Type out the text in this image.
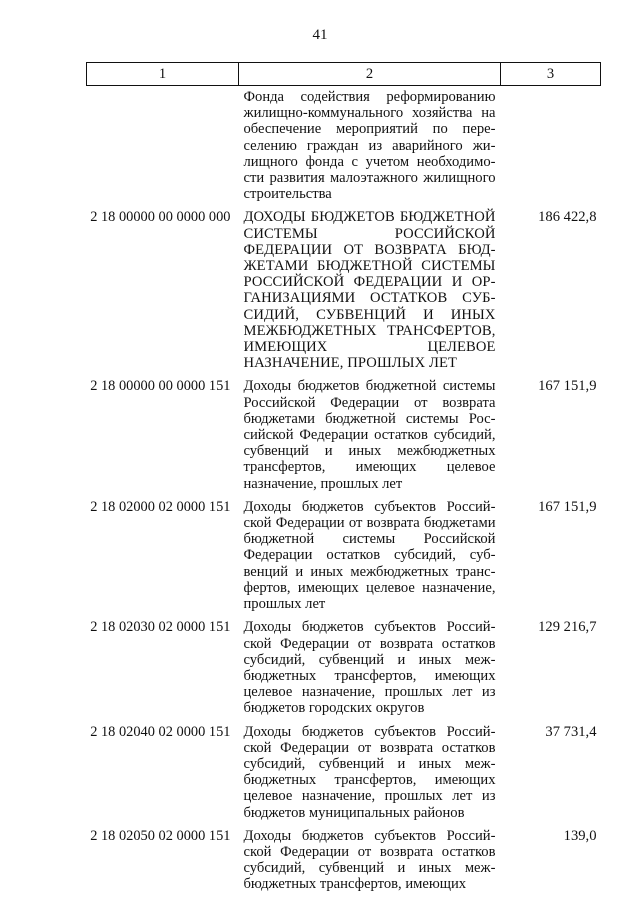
41
1	2	3
	Фонда содействия реформированию жилищно-коммунального хозяйства на обеспечение мероприятий по переселению граждан из аварийного жилищного фонда с учетом необходимости развития малоэтажного жилищного строительства	
2 18 00000 00 0000 000	ДОХОДЫ БЮДЖЕТОВ БЮДЖЕТНОЙ СИСТЕМЫ РОССИЙСКОЙ ФЕДЕРАЦИИ ОТ ВОЗВРАТА БЮДЖЕТАМИ БЮДЖЕТНОЙ СИСТЕМЫ РОССИЙСКОЙ ФЕДЕРАЦИИ И ОРГАНИЗАЦИЯМИ ОСТАТКОВ СУБСИДИЙ, СУБВЕНЦИЙ И ИНЫХ МЕЖБЮДЖЕТНЫХ ТРАНСФЕРТОВ, ИМЕЮЩИХ ЦЕЛЕВОЕ НАЗНАЧЕНИЕ, ПРОШЛЫХ ЛЕТ	186 422,8
2 18 00000 00 0000 151	Доходы бюджетов бюджетной системы Российской Федерации от возврата бюджетами бюджетной системы Российской Федерации остатков субсидий, субвенций и иных межбюджетных трансфертов, имеющих целевое назначение, прошлых лет	167 151,9
2 18 02000 02 0000 151	Доходы бюджетов субъектов Российской Федерации от возврата бюджетами бюджетной системы Российской Федерации остатков субсидий, субвенций и иных межбюджетных трансфертов, имеющих целевое назначение, прошлых лет	167 151,9
2 18 02030 02 0000 151	Доходы бюджетов субъектов Российской Федерации от возврата остатков субсидий, субвенций и иных межбюджетных трансфертов, имеющих целевое назначение, прошлых лет из бюджетов городских округов	129 216,7
2 18 02040 02 0000 151	Доходы бюджетов субъектов Российской Федерации от возврата остатков субсидий, субвенций и иных межбюджетных трансфертов, имеющих целевое назначение, прошлых лет из бюджетов муниципальных районов	37 731,4
2 18 02050 02 0000 151	Доходы бюджетов субъектов Российской Федерации от возврата остатков субсидий, субвенций и иных межбюджетных трансфертов, имеющих	139,0
